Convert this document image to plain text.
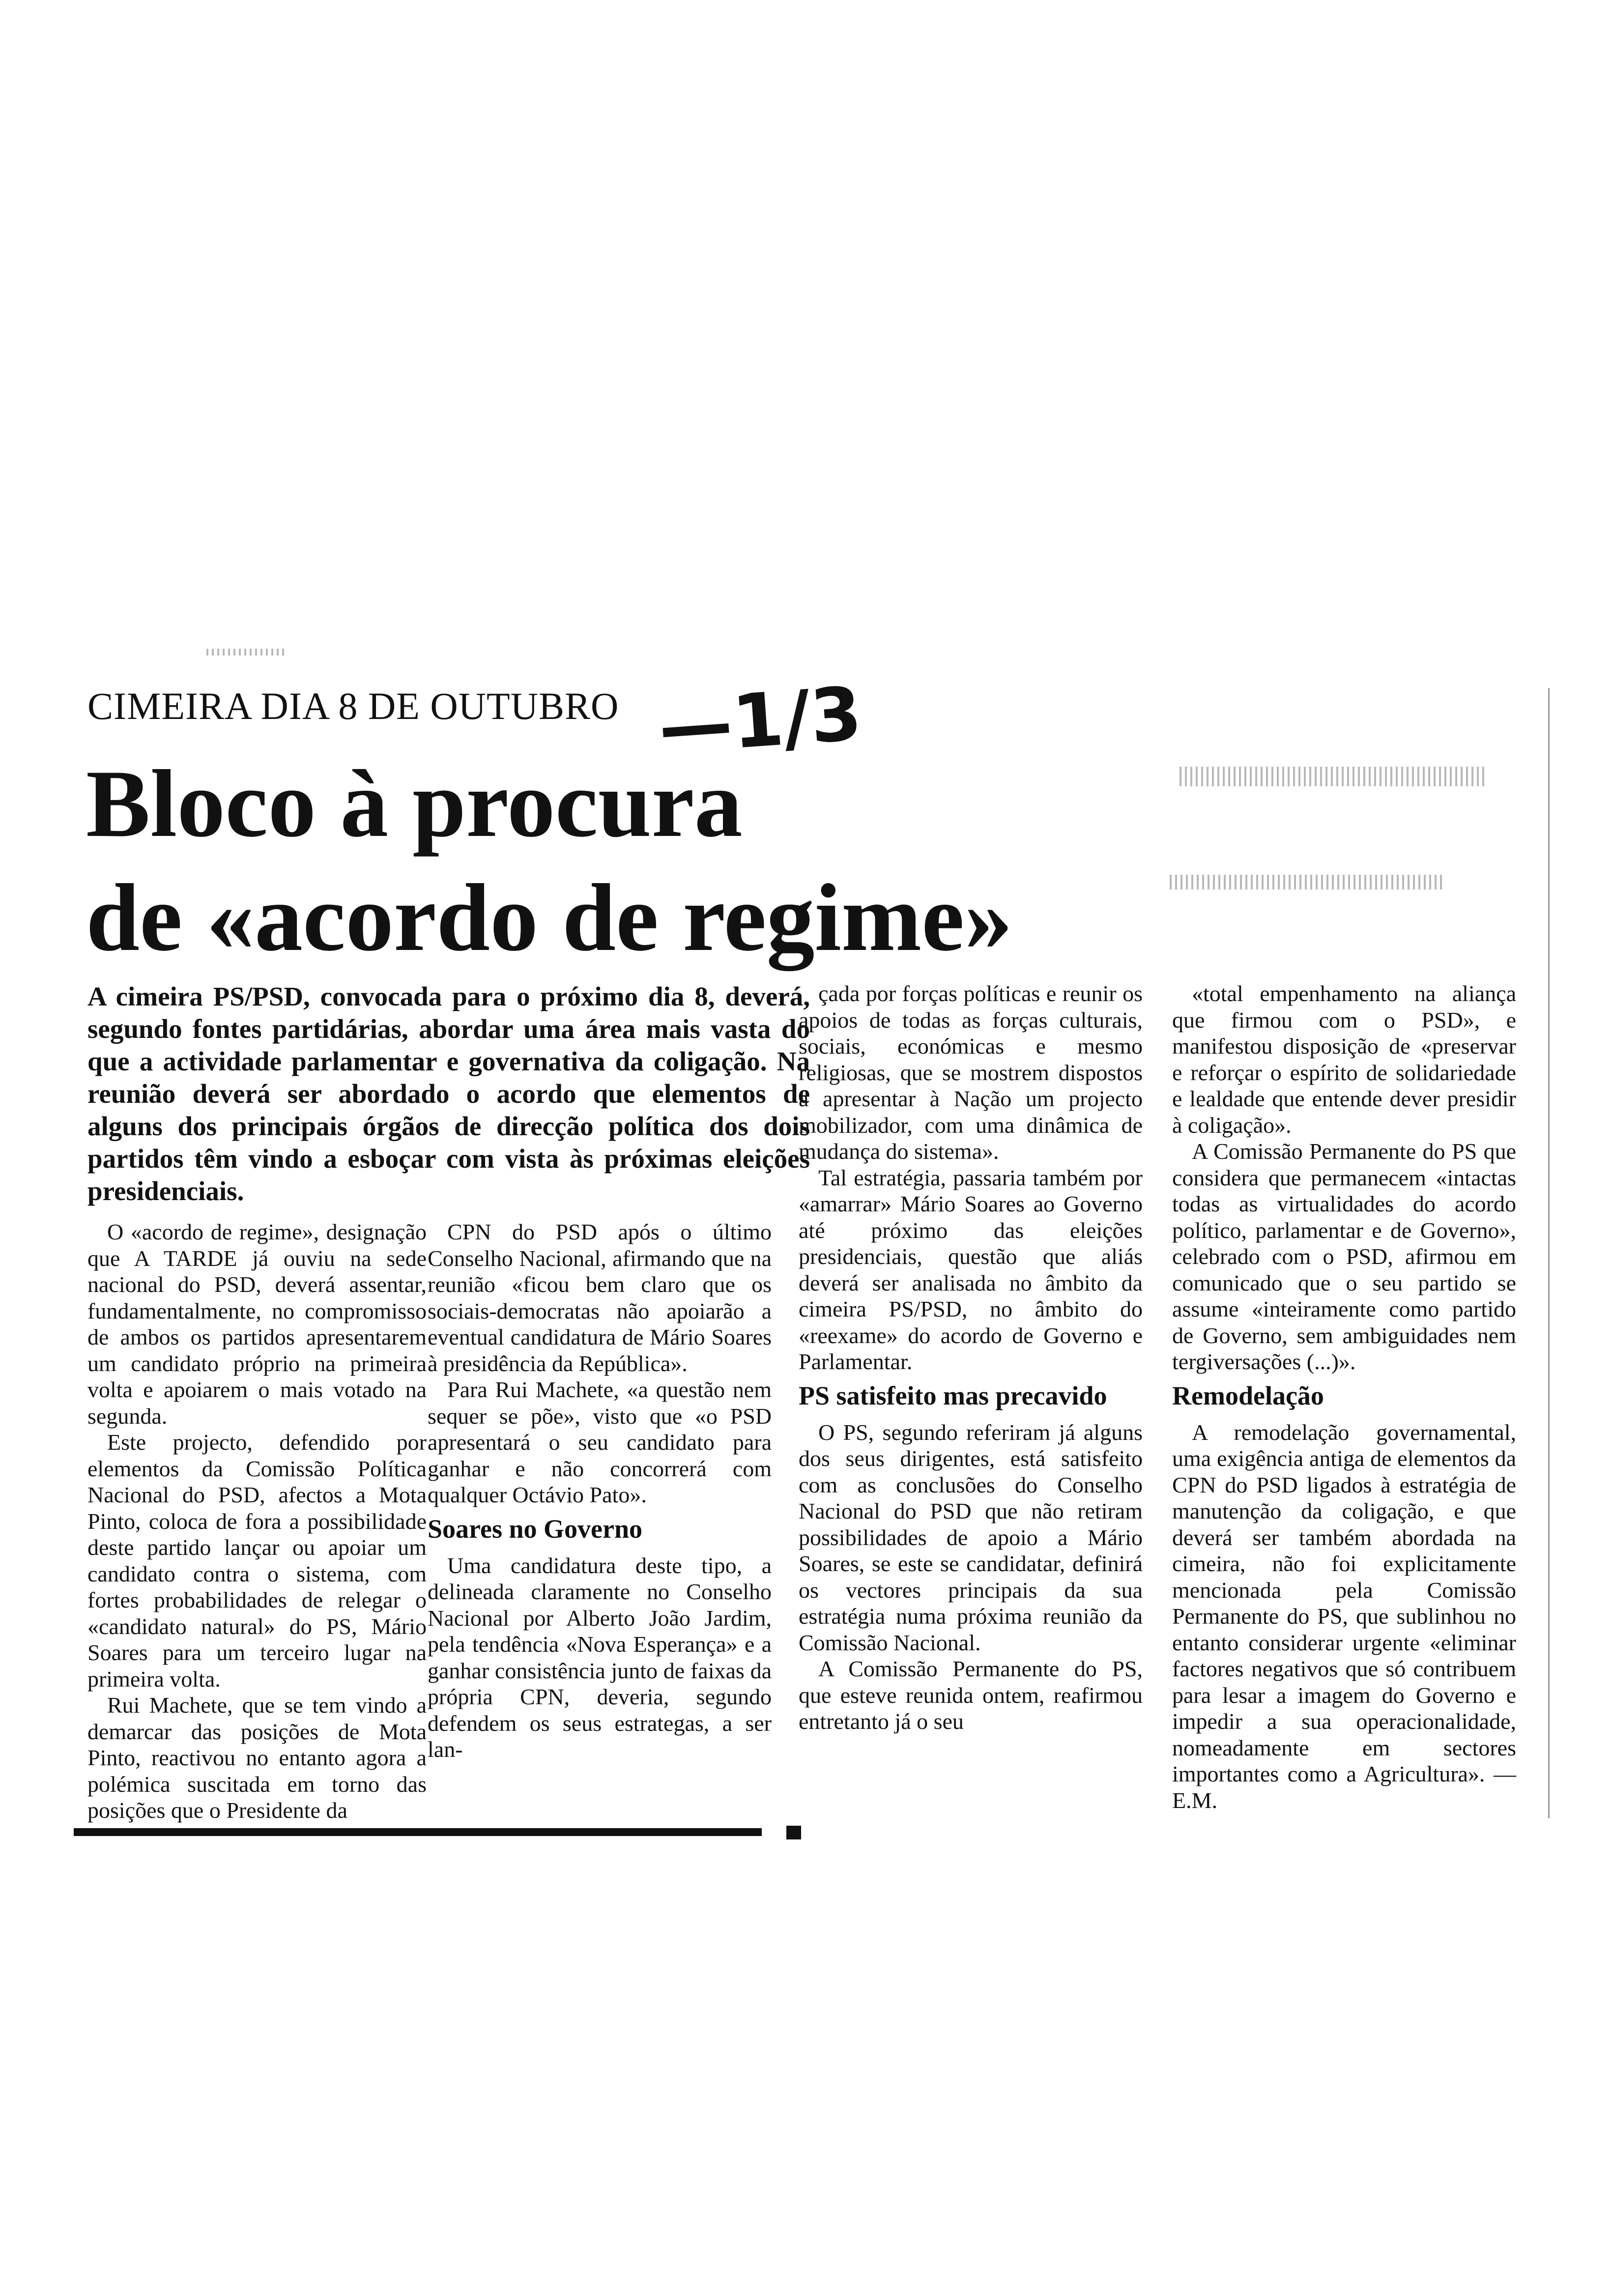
CIMEIRA DIA 8 DE OUTUBRO —1/3
Bloco à procura
de «acordo de regime»

A cimeira PS/PSD, convocada para o próximo dia 8, deverá, segundo fontes partidárias, abordar uma área mais vasta do que a actividade parlamentar e governativa da coligação. Na reunião deverá ser abordado o acordo que elementos de alguns dos principais órgãos de direcção política dos dois partidos têm vindo a esboçar com vista às próximas eleições presidenciais.

O «acordo de regime», designação que A TARDE já ouviu na sede nacional do PSD, deverá assentar, fundamentalmente, no compromisso de ambos os partidos apresentarem um candidato próprio na primeira volta e apoiarem o mais votado na segunda.

Este projecto, defendido por elementos da Comissão Política Nacional do PSD, afectos a Mota Pinto, coloca de fora a possibilidade deste partido lançar ou apoiar um candidato contra o sistema, com fortes probabilidades de relegar o «candidato natural» do PS, Mário Soares para um terceiro lugar na primeira volta.

Rui Machete, que se tem vindo a demarcar das posições de Mota Pinto, reactivou no entanto agora a polémica suscitada em torno das posições que o Presidente da

CPN do PSD após o último Conselho Nacional, afirmando que na reunião «ficou bem claro que os sociais-democratas não apoiarão a eventual candidatura de Mário Soares à presidência da República».

Para Rui Machete, «a questão nem sequer se põe», visto que «o PSD apresentará o seu candidato para ganhar e não concorrerá com qualquer Octávio Pato».

Soares no Governo

Uma candidatura deste tipo, a delineada claramente no Conselho Nacional por Alberto João Jardim, pela tendência «Nova Esperança» e a ganhar consistência junto de faixas da própria CPN, deveria, segundo defendem os seus estrategas, a ser lan-

çada por forças políticas e reunir os apoios de todas as forças culturais, sociais, económicas e mesmo religiosas, que se mostrem dispostos a apresentar à Nação um projecto mobilizador, com uma dinâmica de mudança do sistema».

Tal estratégia, passaria também por «amarrar» Mário Soares ao Governo até próximo das eleições presidenciais, questão que aliás deverá ser analisada no âmbito da cimeira PS/PSD, no âmbito do «reexame» do acordo de Governo e Parlamentar.

PS satisfeito mas precavido

O PS, segundo referiram já alguns dos seus dirigentes, está satisfeito com as conclusões do Conselho Nacional do PSD que não retiram possibilidades de apoio a Mário Soares, se este se candidatar, definirá os vectores principais da sua estratégia numa próxima reunião da Comissão Nacional.

A Comissão Permanente do PS, que esteve reunida ontem, reafirmou entretanto já o seu

«total empenhamento na aliança que firmou com o PSD», e manifestou disposição de «preservar e reforçar o espírito de solidariedade e lealdade que entende dever presidir à coligação».

A Comissão Permanente do PS que considera que permanecem «intactas todas as virtualidades do acordo político, parlamentar e de Governo», celebrado com o PSD, afirmou em comunicado que o seu partido se assume «inteiramente como partido de Governo, sem ambiguidades nem tergiversações (...)».

Remodelação

A remodelação governamental, uma exigência antiga de elementos da CPN do PSD ligados à estratégia de manutenção da coligação, e que deverá ser também abordada na cimeira, não foi explicitamente mencionada pela Comissão Permanente do PS, que sublinhou no entanto considerar urgente «eliminar factores negativos que só contribuem para lesar a imagem do Governo e impedir a sua operacionalidade, nomeadamente em sectores importantes como a Agricultura». — E.M.
